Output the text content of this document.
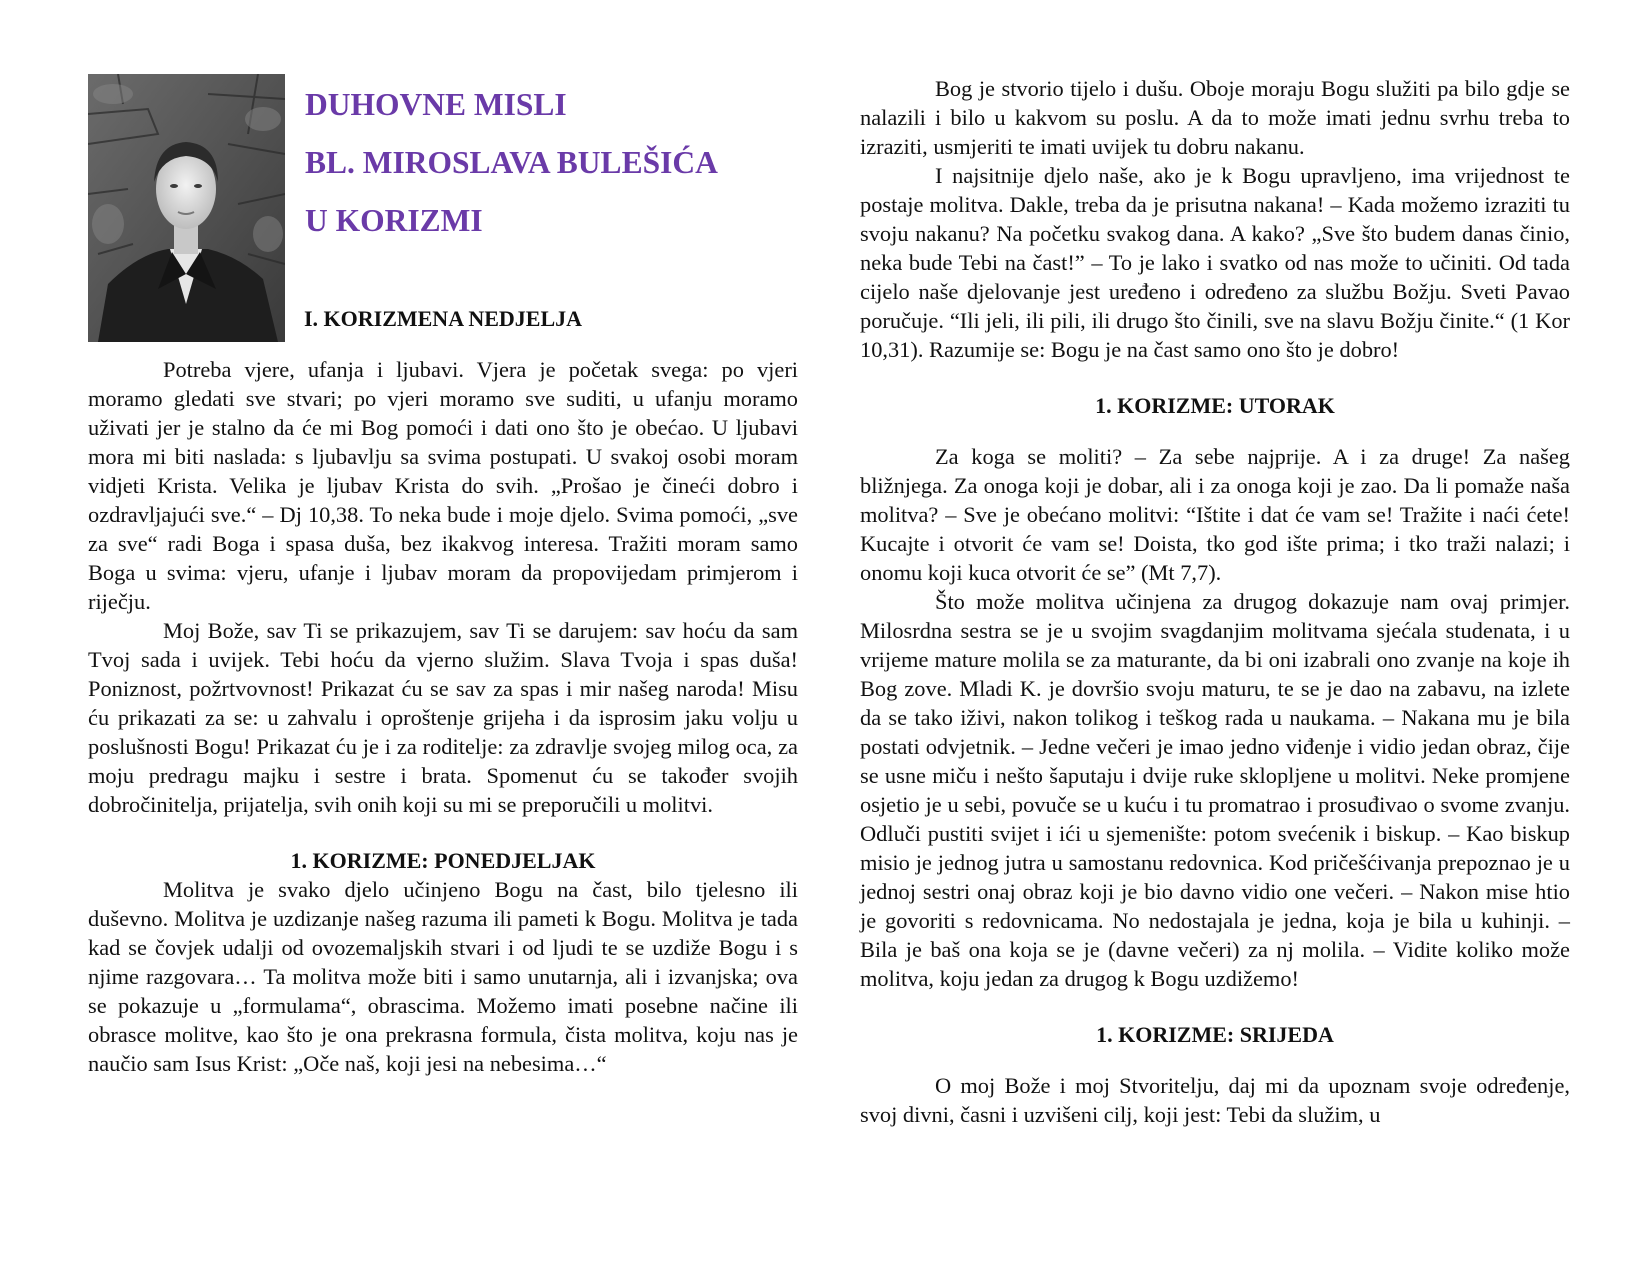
DUHOVNE MISLI
BL. MIROSLAVA BULEŠIĆA
U KORIZMI
I. KORIZMENA NEDJELJA

Potreba vjere, ufanja i ljubavi. Vjera je početak svega: po vjeri moramo gledati sve stvari; po vjeri moramo sve suditi, u ufanju moramo uživati jer je stalno da će mi Bog pomoći i dati ono što je obećao. U ljubavi mora mi biti naslada: s ljubavlju sa svima postupati. U svakoj osobi moram vidjeti Krista. Velika je ljubav Krista do svih. „Prošao je čineći dobro i ozdravljajući sve.“ – Dj 10,38. To neka bude i moje djelo. Svima pomoći, „sve za sve“ radi Boga i spasa duša, bez ikakvog interesa. Tražiti moram samo Boga u svima: vjeru, ufanje i ljubav moram da propovijedam primjerom i riječju.

Moj Bože, sav Ti se prikazujem, sav Ti se darujem: sav hoću da sam Tvoj sada i uvijek. Tebi hoću da vjerno služim. Slava Tvoja i spas duša! Poniznost, požrtvovnost! Prikazat ću se sav za spas i mir našeg naroda! Misu ću prikazati za se: u zahvalu i oproštenje grijeha i da isprosim jaku volju u poslušnosti Bogu! Prikazat ću je i za roditelje: za zdravlje svojeg milog oca, za moju predragu majku i sestre i brata. Spomenut ću se također svojih dobročinitelja, prijatelja, svih onih koji su mi se preporučili u molitvi.

1. KORIZME: PONEDJELJAK

Molitva je svako djelo učinjeno Bogu na čast, bilo tjelesno ili duševno. Molitva je uzdizanje našeg razuma ili pameti k Bogu. Molitva je tada kad se čovjek udalji od ovozemaljskih stvari i od ljudi te se uzdiže Bogu i s njime razgovara… Ta molitva može biti i samo unutarnja, ali i izvanjska; ova se pokazuje u „formulama“, obrascima. Možemo imati posebne načine ili obrasce molitve, kao što je ona prekrasna formula, čista molitva, koju nas je naučio sam Isus Krist: „Oče naš, koji jesi na nebesima…“

Bog je stvorio tijelo i dušu. Oboje moraju Bogu služiti pa bilo gdje se nalazili i bilo u kakvom su poslu. A da to može imati jednu svrhu treba to izraziti, usmjeriti te imati uvijek tu dobru nakanu.

I najsitnije djelo naše, ako je k Bogu upravljeno, ima vrijednost te postaje molitva. Dakle, treba da je prisutna nakana! – Kada možemo izraziti tu svoju nakanu? Na početku svakog dana. A kako? „Sve što budem danas činio, neka bude Tebi na čast!” – To je lako i svatko od nas može to učiniti. Od tada cijelo naše djelovanje jest uređeno i određeno za službu Božju. Sveti Pavao poručuje. “Ili jeli, ili pili, ili drugo što činili, sve na slavu Božju činite.“ (1 Kor 10,31). Razumije se: Bogu je na čast samo ono što je dobro!

1. KORIZME: UTORAK

Za koga se moliti? – Za sebe najprije. A i za druge! Za našeg bližnjega. Za onoga koji je dobar, ali i za onoga koji je zao. Da li pomaže naša molitva? – Sve je obećano molitvi: “Ištite i dat će vam se! Tražite i naći ćete! Kucajte i otvorit će vam se! Doista, tko god ište prima; i tko traži nalazi; i onomu koji kuca otvorit će se” (Mt 7,7).

Što može molitva učinjena za drugog dokazuje nam ovaj primjer. Milosrdna sestra se je u svojim svagdanjim molitvama sjećala studenata, i u vrijeme mature molila se za maturante, da bi oni izabrali ono zvanje na koje ih Bog zove. Mladi K. je dovršio svoju maturu, te se je dao na zabavu, na izlete da se tako iživi, nakon tolikog i teškog rada u naukama. – Nakana mu je bila postati odvjetnik. – Jedne večeri je imao jedno viđenje i vidio jedan obraz, čije se usne miču i nešto šaputaju i dvije ruke sklopljene u molitvi. Neke promjene osjetio je u sebi, povuče se u kuću i tu promatrao i prosuđivao o svome zvanju. Odluči pustiti svijet i ići u sjemenište: potom svećenik i biskup. – Kao biskup misio je jednog jutra u samostanu redovnica. Kod pričešćivanja prepoznao je u jednoj sestri onaj obraz koji je bio davno vidio one večeri. – Nakon mise htio je govoriti s redovnicama. No nedostajala je jedna, koja je bila u kuhinji. – Bila je baš ona koja se je (davne večeri) za nj molila. – Vidite koliko može molitva, koju jedan za drugog k Bogu uzdižemo!

1. KORIZME: SRIJEDA

O moj Bože i moj Stvoritelju, daj mi da upoznam svoje određenje, svoj divni, časni i uzvišeni cilj, koji jest: Tebi da služim, u
